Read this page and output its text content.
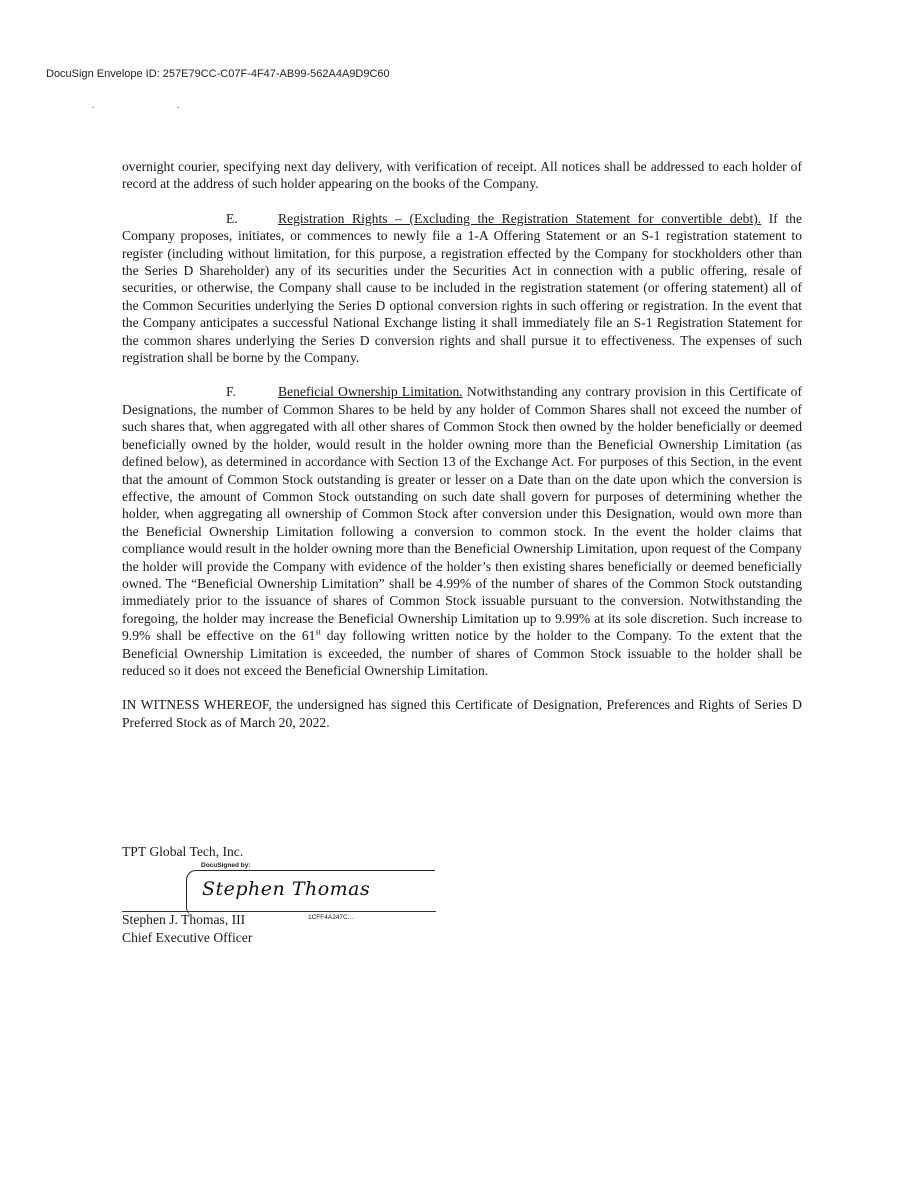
DocuSign Envelope ID: 257E79CC-C07F-4F47-AB99-562A4A9D9C60
. .

overnight courier, specifying next day delivery, with verification of receipt. All notices shall be addressed to each holder of record at the address of such holder appearing on the books of the Company.

E.	Registration Rights – (Excluding the Registration Statement for convertible debt). If the Company proposes, initiates, or commences to newly file a 1-A Offering Statement or an S-1 registration statement to register (including without limitation, for this purpose, a registration effected by the Company for stockholders other than the Series D Shareholder) any of its securities under the Securities Act in connection with a public offering, resale of securities, or otherwise, the Company shall cause to be included in the registration statement (or offering statement) all of the Common Securities underlying the Series D optional conversion rights in such offering or registration. In the event that the Company anticipates a successful National Exchange listing it shall immediately file an S-1 Registration Statement for the common shares underlying the Series D conversion rights and shall pursue it to effectiveness. The expenses of such registration shall be borne by the Company.

F.	Beneficial Ownership Limitation. Notwithstanding any contrary provision in this Certificate of Designations, the number of Common Shares to be held by any holder of Common Shares shall not exceed the number of such shares that, when aggregated with all other shares of Common Stock then owned by the holder beneficially or deemed beneficially owned by the holder, would result in the holder owning more than the Beneficial Ownership Limitation (as defined below), as determined in accordance with Section 13 of the Exchange Act. For purposes of this Section, in the event that the amount of Common Stock outstanding is greater or lesser on a Date than on the date upon which the conversion is effective, the amount of Common Stock outstanding on such date shall govern for purposes of determining whether the holder, when aggregating all ownership of Common Stock after conversion under this Designation, would own more than the Beneficial Ownership Limitation following a conversion to common stock. In the event the holder claims that compliance would result in the holder owning more than the Beneficial Ownership Limitation, upon request of the Company the holder will provide the Company with evidence of the holder’s then existing shares beneficially or deemed beneficially owned. The “Beneficial Ownership Limitation” shall be 4.99% of the number of shares of the Common Stock outstanding immediately prior to the issuance of shares of Common Stock issuable pursuant to the conversion. Notwithstanding the foregoing, the holder may increase the Beneficial Ownership Limitation up to 9.99% at its sole discretion. Such increase to 9.9% shall be effective on the 61st day following written notice by the holder to the Company. To the extent that the Beneficial Ownership Limitation is exceeded, the number of shares of Common Stock issuable to the holder shall be reduced so it does not exceed the Beneficial Ownership Limitation.

IN WITNESS WHEREOF, the undersigned has signed this Certificate of Designation, Preferences and Rights of Series D Preferred Stock as of March 20, 2022.

TPT Global Tech, Inc.
DocuSigned by:
Stephen Thomas
Stephen J. Thomas, III	1CFF4A247C...
Chief Executive Officer
